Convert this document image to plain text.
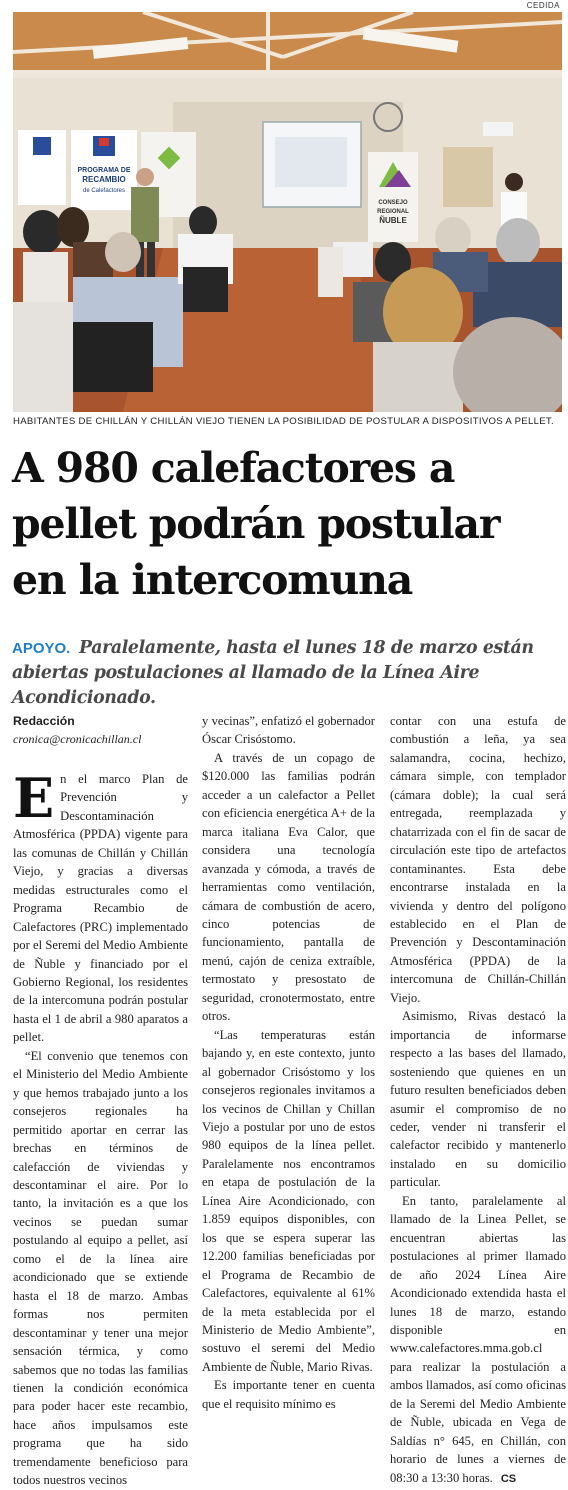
CEDIDA
PROGRAMA DE
RECAMBIO
de Calefactores
CONSEJO
REGIONAL
ÑUBLE
HABITANTES DE CHILLÁN Y CHILLÁN VIEJO TIENEN LA POSIBILIDAD DE POSTULAR A DISPOSITIVOS A PELLET.
A 980 calefactores a pellet podrán postular en la intercomuna
APOYO. Paralelamente, hasta el lunes 18 de marzo están abiertas postulaciones al llamado de la Línea Aire Acondicionado.
Redacción
cronica@cronicachillan.cl

En el marco Plan de Prevención y Descontaminación Atmosférica (PPDA) vigente para las comunas de Chillán y Chillán Viejo, y gracias a diversas medidas estructurales como el Programa Recambio de Calefactores (PRC) implementado por el Seremi del Medio Ambiente de Ñuble y financiado por el Gobierno Regional, los residentes de la intercomuna podrán postular hasta el 1 de abril a 980 aparatos a pellet.

“El convenio que tenemos con el Ministerio del Medio Ambiente y que hemos trabajado junto a los consejeros regionales ha permitido aportar en cerrar las brechas en términos de calefacción de viviendas y descontaminar el aire. Por lo tanto, la invitación es a que los vecinos se puedan sumar postulando al equipo a pellet, así como el de la línea aire acondicionado que se extiende hasta el 18 de marzo. Ambas formas nos permiten descontaminar y tener una mejor sensación térmica, y como sabemos que no todas las familias tienen la condición económica para poder hacer este recambio, hace años impulsamos este programa que ha sido tremendamente beneficioso para todos nuestros vecinos

y vecinas”, enfatizó el gobernador Óscar Crisóstomo.

A través de un copago de $120.000 las familias podrán acceder a un calefactor a Pellet con eficiencia energética A+ de la marca italiana Eva Calor, que considera una tecnología avanzada y cómoda, a través de herramientas como ventilación, cámara de combustión de acero, cinco potencias de funcionamiento, pantalla de menú, cajón de ceniza extraíble, termostato y presostato de seguridad, cronotermostato, entre otros.

“Las temperaturas están bajando y, en este contexto, junto al gobernador Crisóstomo y los consejeros regionales invitamos a los vecinos de Chillan y Chillan Viejo a postular por uno de estos 980 equipos de la línea pellet. Paralelamente nos encontramos en etapa de postulación de la Línea Aire Acondicionado, con 1.859 equipos disponibles, con los que se espera superar las 12.200 familias beneficiadas por el Programa de Recambio de Calefactores, equivalente al 61% de la meta establecida por el Ministerio de Medio Ambiente”, sostuvo el seremi del Medio Ambiente de Ñuble, Mario Rivas.

Es importante tener en cuenta que el requisito mínimo es

contar con una estufa de combustión a leña, ya sea salamandra, cocina, hechizo, cámara simple, con templador (cámara doble); la cual será entregada, reemplazada y chatarrizada con el fin de sacar de circulación este tipo de artefactos contaminantes. Esta debe encontrarse instalada en la vivienda y dentro del polígono establecido en el Plan de Prevención y Descontaminación Atmosférica (PPDA) de la intercomuna de Chillán-Chillán Viejo.

Asimismo, Rivas destacó la importancia de informarse respecto a las bases del llamado, sosteniendo que quienes en un futuro resulten beneficiados deben asumir el compromiso de no ceder, vender ni transferir el calefactor recibido y mantenerlo instalado en su domicilio particular.

En tanto, paralelamente al llamado de la Linea Pellet, se encuentran abiertas las postulaciones al primer llamado de año 2024 Línea Aire Acondicionado extendida hasta el lunes 18 de marzo, estando disponible en www.calefactores.mma.gob.cl para realizar la postulación a ambos llamados, así como oficinas de la Seremi del Medio Ambiente de Ñuble, ubicada en Vega de Saldías n° 645, en Chillán, con horario de lunes a viernes de 08:30 a 13:30 horas. CS
